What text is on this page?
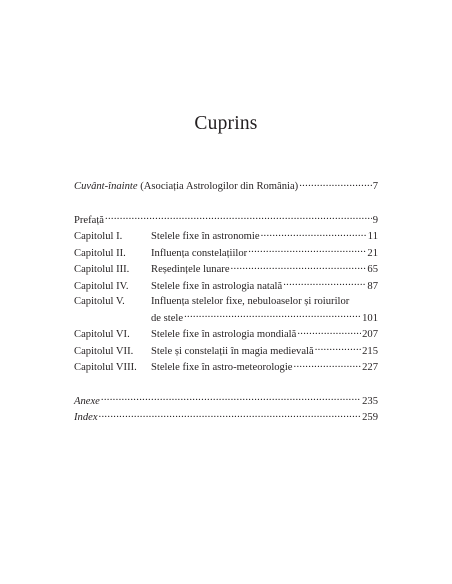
Cuprins
Cuvânt-înainte (Asociația Astrologilor din România) .....	7
Prefață .....	9
Capitolul I.	Stelele fixe în astronomie .....	11
Capitolul II.	Influența constelațiilor .....	21
Capitolul III.	Reședințele lunare .....	65
Capitolul IV.	Stelele fixe în astrologia natală .....	87
Capitolul V.	Influența stelelor fixe, nebuloaselor și roiurilor
de stele .....	101
Capitolul VI.	Stelele fixe în astrologia mondială .....	207
Capitolul VII.	Stele și constelații în magia medievală .....	215
Capitolul VIII.	Stelele fixe în astro-meteorologie .....	227
Anexe .....	235
Index .....	259
